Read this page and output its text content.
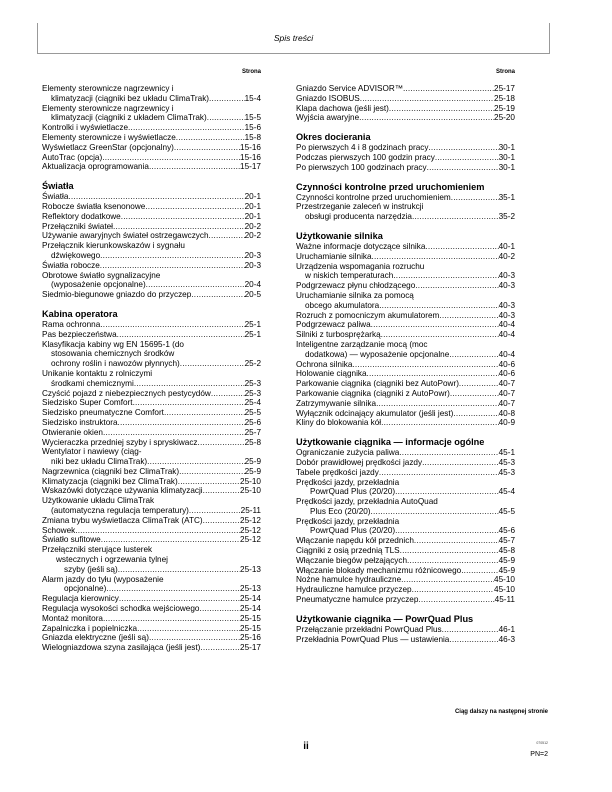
Spis treści
Strona
Elementy sterownicze nagrzewnicy i
klimatyzacji (ciągniki bez układu ClimaTrak) .....	15-4
Elementy sterownicze nagrzewnicy i
klimatyzacji (ciągniki z układem ClimaTrak) .....	15-5
Kontrolki i wyświetlacze .....	15-6
Elementy sterownicze i wyświetlacze .....	15-8
Wyświetlacz GreenStar (opcjonalny) .....	15-16
AutoTrac (opcja) .....	15-16
Aktualizacja oprogramowania .....	15-17
Światła
Światła .....	20-1
Robocze światła ksenonowe .....	20-1
Reflektory dodatkowe .....	20-1
Przełączniki świateł .....	20-2
Używanie awaryjnych świateł ostrzegawczych .....	20-2
Przełącznik kierunkowskazów i sygnału
dźwiękowego .....	20-3
Światła robocze .....	20-3
Obrotowe światło sygnalizacyjne
(wyposażenie opcjonalne) .....	20-4
Siedmio-biegunowe gniazdo do przyczep .....	20-5
Kabina operatora
Rama ochronna .....	25-1
Pas bezpieczeństwa .....	25-1
Klasyfikacja kabiny wg EN 15695-1 (do
stosowania chemicznych środków
ochrony roślin i nawozów płynnych) .....	25-2
Unikanie kontaktu z rolniczymi
środkami chemicznymi .....	25-3
Czyścić pojazd z niebezpiecznych pestycydów .....	25-3
Siedzisko Super Comfort .....	25-4
Siedzisko pneumatyczne Comfort .....	25-5
Siedzisko instruktora .....	25-6
Otwieranie okien .....	25-7
Wycieraczka przedniej szyby i spryskiwacz .....	25-8
Wentylator i nawiewy (ciąg-
niki bez układu ClimaTrak) .....	25-9
Nagrzewnica (ciągniki bez ClimaTrak) .....	25-9
Klimatyzacja (ciągniki bez ClimaTrak) .....	25-10
Wskazówki dotyczące używania klimatyzacji .....	25-10
Użytkowanie układu ClimaTrak
(automatyczna regulacja temperatury) .....	25-11
Zmiana trybu wyświetlacza ClimaTrak (ATC) .....	25-12
Schowek .....	25-12
Światło sufitowe .....	25-12
Przełączniki sterujące lusterek
wstecznych i ogrzewania tylnej
szyby (jeśli są) .....	25-13
Alarm jazdy do tyłu (wyposażenie
opcjonalne) .....	25-13
Regulacja kierownicy .....	25-14
Regulacja wysokości schodka wejściowego .....	25-14
Montaż monitora .....	25-15
Zapalniczka i popielniczka .....	25-15
Gniazda elektryczne (jeśli są) .....	25-16
Wielogniazdowa szyna zasilająca (jeśli jest) .....	25-17
Strona
Gniazdo Service ADVISOR™ .....	25-17
Gniazdo ISOBUS .....	25-18
Klapa dachowa (jeśli jest) .....	25-19
Wyjścia awaryjne .....	25-20
Okres docierania
Po pierwszych 4 i 8 godzinach pracy .....	30-1
Podczas pierwszych 100 godzin pracy .....	30-1
Po pierwszych 100 godzinach pracy .....	30-1
Czynności kontrolne przed uruchomieniem
Czynności kontrolne przed uruchomieniem .....	35-1
Przestrzeganie zaleceń w instrukcji
obsługi producenta narzędzia .....	35-2
Użytkowanie silnika
Ważne informacje dotyczące silnika .....	40-1
Uruchamianie silnika .....	40-2
Urządzenia wspomagania rozruchu
w niskich temperaturach .....	40-3
Podgrzewacz płynu chłodzącego .....	40-3
Uruchamianie silnika za pomocą
obcego akumulatora .....	40-3
Rozruch z pomocniczym akumulatorem .....	40-3
Podgrzewacz paliwa .....	40-4
Silniki z turbosprężarką .....	40-4
Inteligentne zarządzanie mocą (moc
dodatkowa) — wyposażenie opcjonalne .....	40-4
Ochrona silnika .....	40-6
Holowanie ciągnika .....	40-6
Parkowanie ciągnika (ciągniki bez AutoPowr) .....	40-7
Parkowanie ciągnika (ciągniki z AutoPowr) .....	40-7
Zatrzymywanie silnika .....	40-7
Wyłącznik odcinający akumulator (jeśli jest) .....	40-8
Kliny do blokowania kół .....	40-9
Użytkowanie ciągnika — informacje ogólne
Ograniczanie zużycia paliwa .....	45-1
Dobór prawidłowej prędkości jazdy .....	45-3
Tabele prędkości jazdy .....	45-3
Prędkości jazdy, przekładnia
PowrQuad Plus (20/20) .....	45-4
Prędkości jazdy, przekładnia AutoQuad
Plus Eco (20/20) .....	45-5
Prędkości jazdy, przekładnia
PowrQuad Plus (20/20) .....	45-6
Włączanie napędu kół przednich .....	45-7
Ciągniki z osią przednią TLS .....	45-8
Włączanie biegów pełzających .....	45-9
Włączanie blokady mechanizmu różnicowego .....	45-9
Nożne hamulce hydrauliczne .....	45-10
Hydrauliczne hamulce przyczep .....	45-10
Pneumatyczne hamulce przyczep .....	45-11
Użytkowanie ciągnika — PowrQuad Plus
Przełączanie przekładni PowrQuad Plus .....	46-1
Przekładnia PowrQuad Plus — ustawienia .....	46-3
Ciąg dalszy na następnej stronie
ii	070512
PN=2
